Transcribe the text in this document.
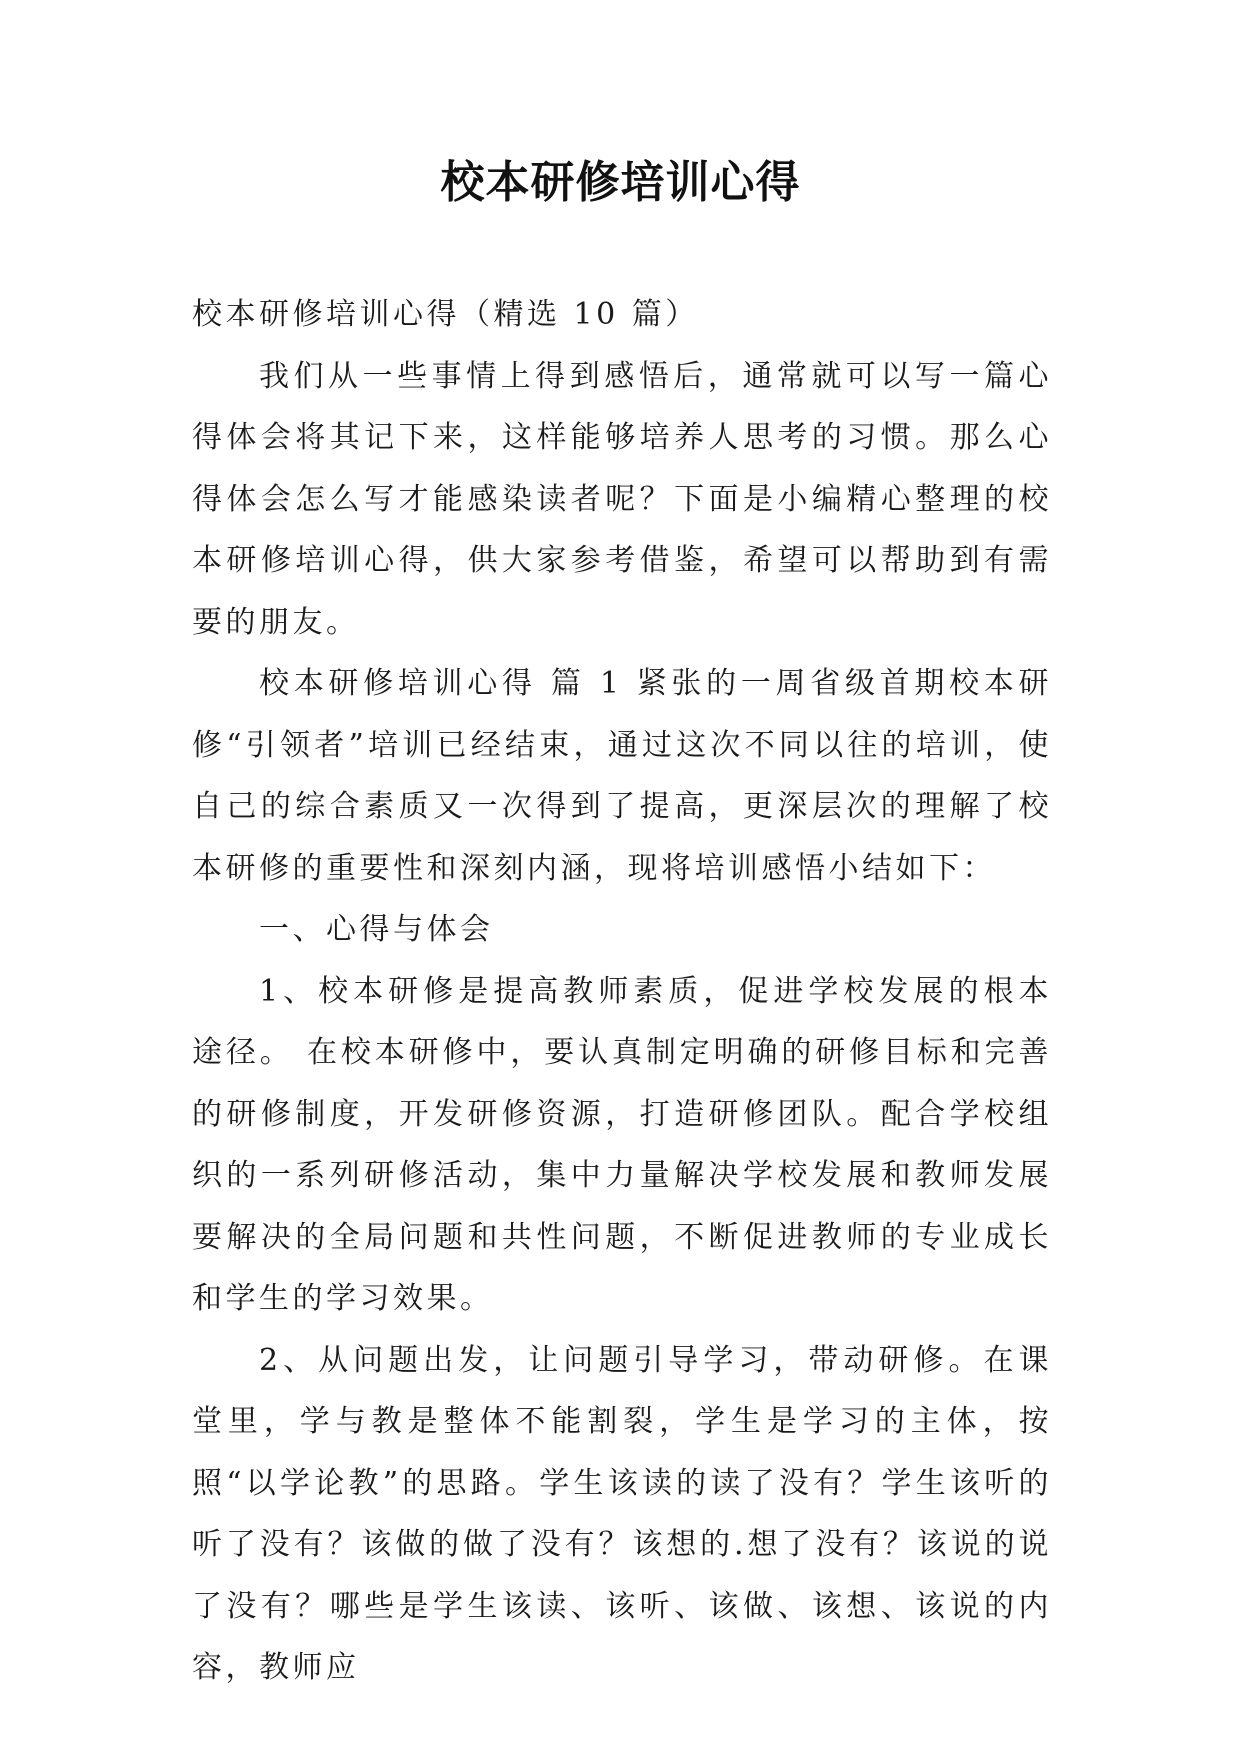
校本研修培训心得

校本研修培训心得（精选 10 篇）

我们从一些事情上得到感悟后，通常就可以写一篇心得体会将其记下来，这样能够培养人思考的习惯。那么心得体会怎么写才能感染读者呢？下面是小编精心整理的校本研修培训心得，供大家参考借鉴，希望可以帮助到有需要的朋友。

校本研修培训心得 篇 1 紧张的一周省级首期校本研修“引领者”培训已经结束，通过这次不同以往的培训，使自己的综合素质又一次得到了提高，更深层次的理解了校本研修的重要性和深刻内涵，现将培训感悟小结如下：

一、心得与体会

1、校本研修是提高教师素质，促进学校发展的根本途径。 在校本研修中，要认真制定明确的研修目标和完善的研修制度，开发研修资源，打造研修团队。配合学校组织的一系列研修活动，集中力量解决学校发展和教师发展要解决的全局问题和共性问题，不断促进教师的专业成长和学生的学习效果。

2、从问题出发，让问题引导学习，带动研修。在课堂里，学与教是整体不能割裂，学生是学习的主体，按照“以学论教”的思路。学生该读的读了没有？学生该听的听了没有？该做的做了没有？该想的.想了没有？该说的说了没有？哪些是学生该读、该听、该做、该想、该说的内容，教师应
